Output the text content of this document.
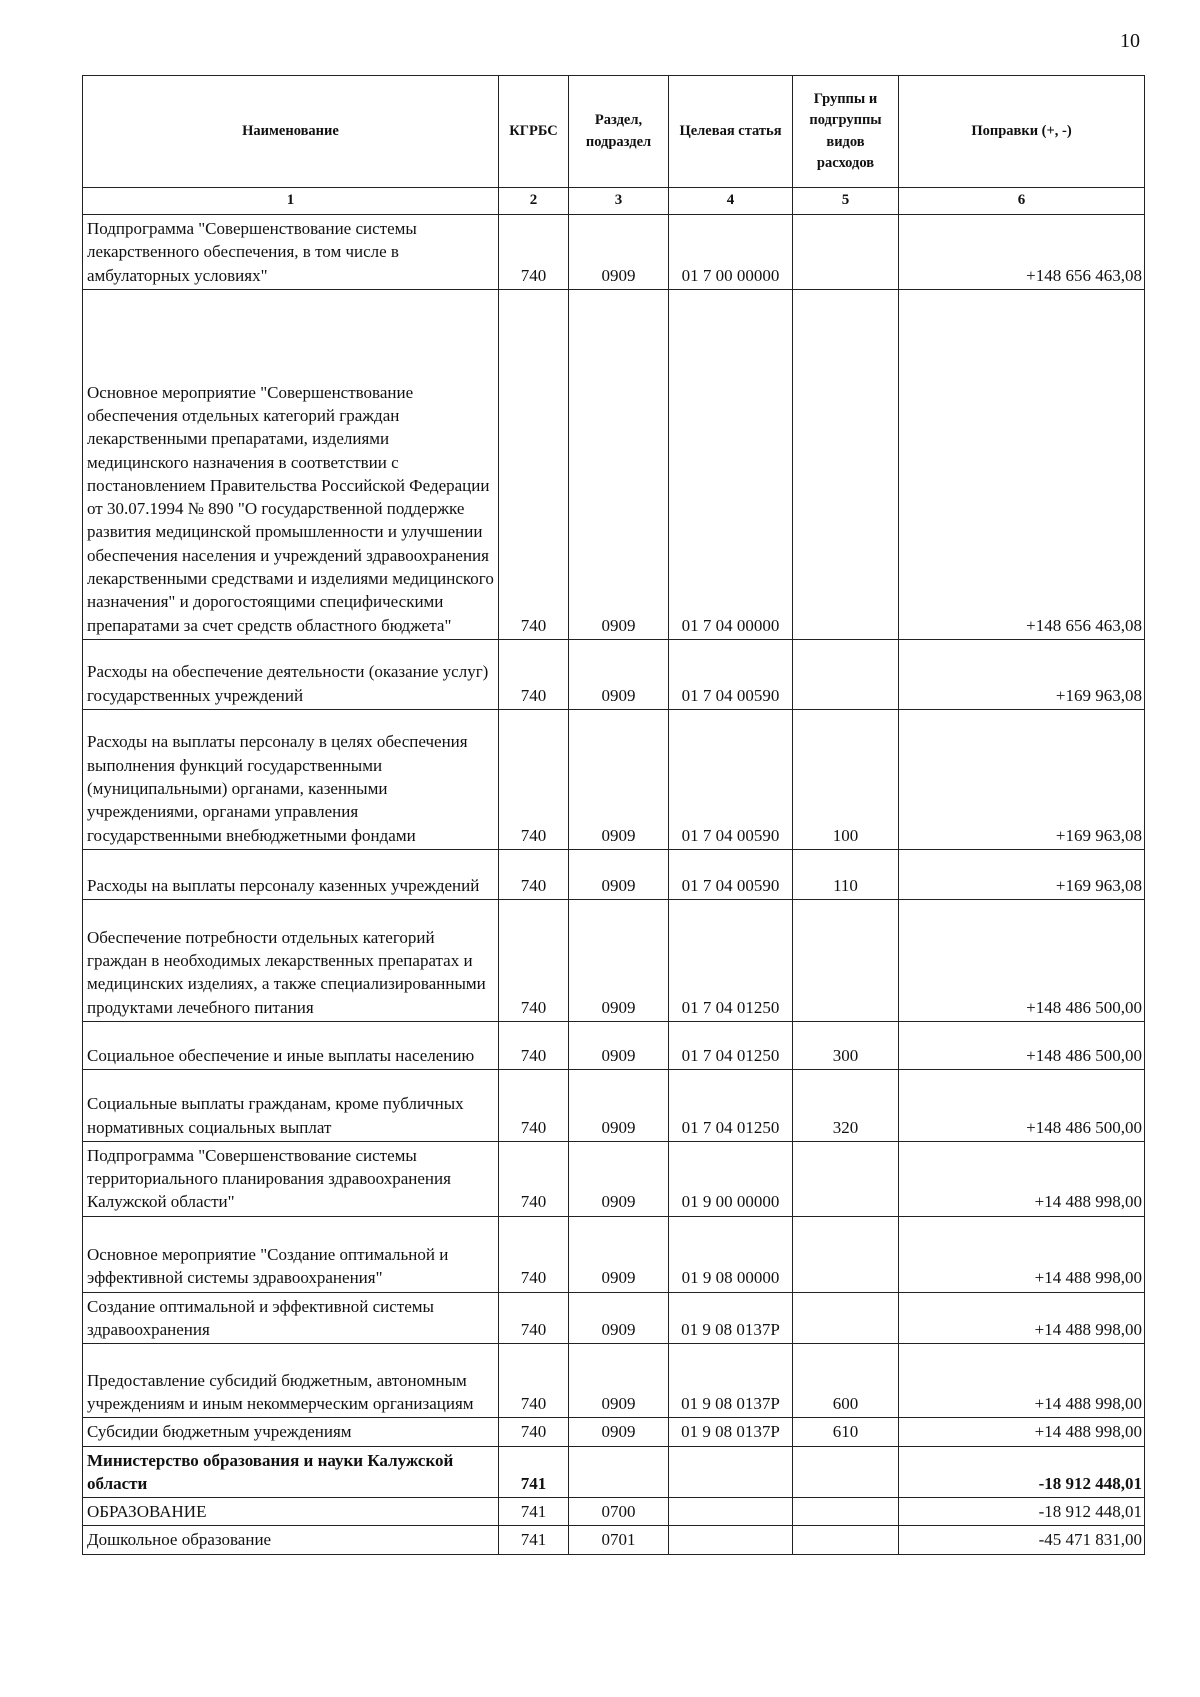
10
Наименование	КГРБС	Раздел, подраздел	Целевая статья	Группы и подгруппы видов расходов	Поправки (+, -)
1	2	3	4	5	6
Подпрограмма "Совершенствование системы лекарственного обеспечения, в том числе в амбулаторных условиях"	740	0909	01 7 00 00000		+148 656 463,08
Основное мероприятие "Совершенствование обеспечения отдельных категорий граждан лекарственными препаратами, изделиями медицинского назначения в соответствии с постановлением Правительства Российской Федерации от 30.07.1994 № 890 "О государственной поддержке развития медицинской промышленности и улучшении обеспечения населения и учреждений здравоохранения лекарственными средствами и изделиями медицинского назначения" и дорогостоящими специфическими препаратами за счет средств областного бюджета"	740	0909	01 7 04 00000		+148 656 463,08
Расходы на обеспечение деятельности (оказание услуг) государственных учреждений	740	0909	01 7 04 00590		+169 963,08
Расходы на выплаты персоналу в целях обеспечения выполнения функций государственными (муниципальными) органами, казенными учреждениями, органами управления государственными внебюджетными фондами	740	0909	01 7 04 00590	100	+169 963,08
Расходы на выплаты персоналу казенных учреждений	740	0909	01 7 04 00590	110	+169 963,08
Обеспечение потребности отдельных категорий граждан в необходимых лекарственных препаратах и медицинских изделиях, а также специализированными продуктами лечебного питания	740	0909	01 7 04 01250		+148 486 500,00
Социальное обеспечение и иные выплаты населению	740	0909	01 7 04 01250	300	+148 486 500,00
Социальные выплаты гражданам, кроме публичных нормативных социальных выплат	740	0909	01 7 04 01250	320	+148 486 500,00
Подпрограмма "Совершенствование системы территориального планирования здравоохранения Калужской области"	740	0909	01 9 00 00000		+14 488 998,00
Основное мероприятие "Создание оптимальной и эффективной системы здравоохранения"	740	0909	01 9 08 00000		+14 488 998,00
Создание оптимальной и эффективной системы здравоохранения	740	0909	01 9 08 0137Р		+14 488 998,00
Предоставление субсидий бюджетным, автономным учреждениям и иным некоммерческим организациям	740	0909	01 9 08 0137Р	600	+14 488 998,00
Субсидии бюджетным учреждениям	740	0909	01 9 08 0137Р	610	+14 488 998,00
Министерство образования и науки Калужской области	741				-18 912 448,01
ОБРАЗОВАНИЕ	741	0700			-18 912 448,01
Дошкольное образование	741	0701			-45 471 831,00
